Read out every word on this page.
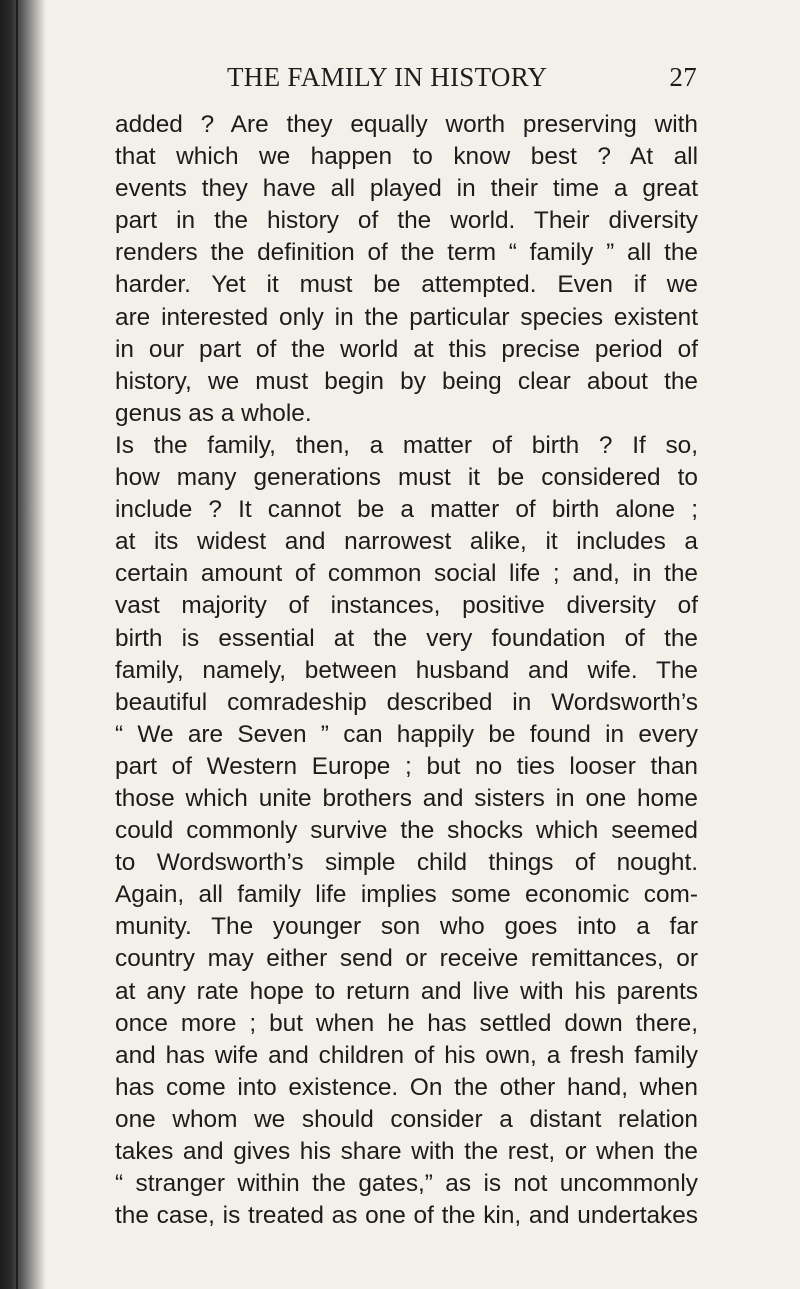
THE FAMILY IN HISTORY	27
added ? Are they equally worth preserving with
that which we happen to know best ? At all
events they have all played in their time a great
part in the history of the world. Their diversity
renders the definition of the term “ family ” all the
harder. Yet it must be attempted. Even if we
are interested only in the particular species existent
in our part of the world at this precise period of
history, we must begin by being clear about the
genus as a whole.
Is the family, then, a matter of birth ? If so,
how many generations must it be considered to
include ? It cannot be a matter of birth alone ;
at its widest and narrowest alike, it includes a
certain amount of common social life ; and, in the
vast majority of instances, positive diversity of
birth is essential at the very foundation of the
family, namely, between husband and wife. The
beautiful comradeship described in Wordsworth’s
“ We are Seven ” can happily be found in every
part of Western Europe ; but no ties looser than
those which unite brothers and sisters in one home
could commonly survive the shocks which seemed
to Wordsworth’s simple child things of nought.
Again, all family life implies some economic com-
munity. The younger son who goes into a far
country may either send or receive remittances, or
at any rate hope to return and live with his parents
once more ; but when he has settled down there,
and has wife and children of his own, a fresh family
has come into existence. On the other hand, when
one whom we should consider a distant relation
takes and gives his share with the rest, or when the
“ stranger within the gates,” as is not uncommonly
the case, is treated as one of the kin, and undertakes
